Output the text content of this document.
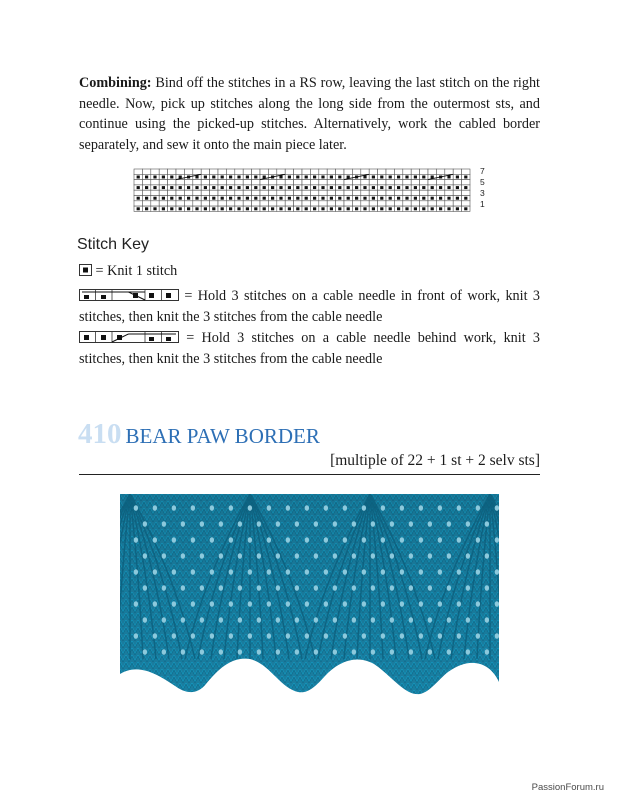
Combining: Bind off the stitches in a RS row, leaving the last stitch on the right needle. Now, pick up stitches along the long side from the outermost sts, and continue using the picked-up stitches. Alternatively, work the cabled border separately, and sew it onto the main piece later.

7
5
3
1
Stitch Key
= Knit 1 stitch
= Hold 3 stitches on a cable needle in front of work, knit 3 stitches, then knit the 3 stitches from the cable needle
= Hold 3 stitches on a cable needle behind work, knit 3 stitches, then knit the 3 stitches from the cable needle
410 BEAR PAW BORDER
[multiple of 22 + 1 st + 2 selv sts]
PassionForum.ru
